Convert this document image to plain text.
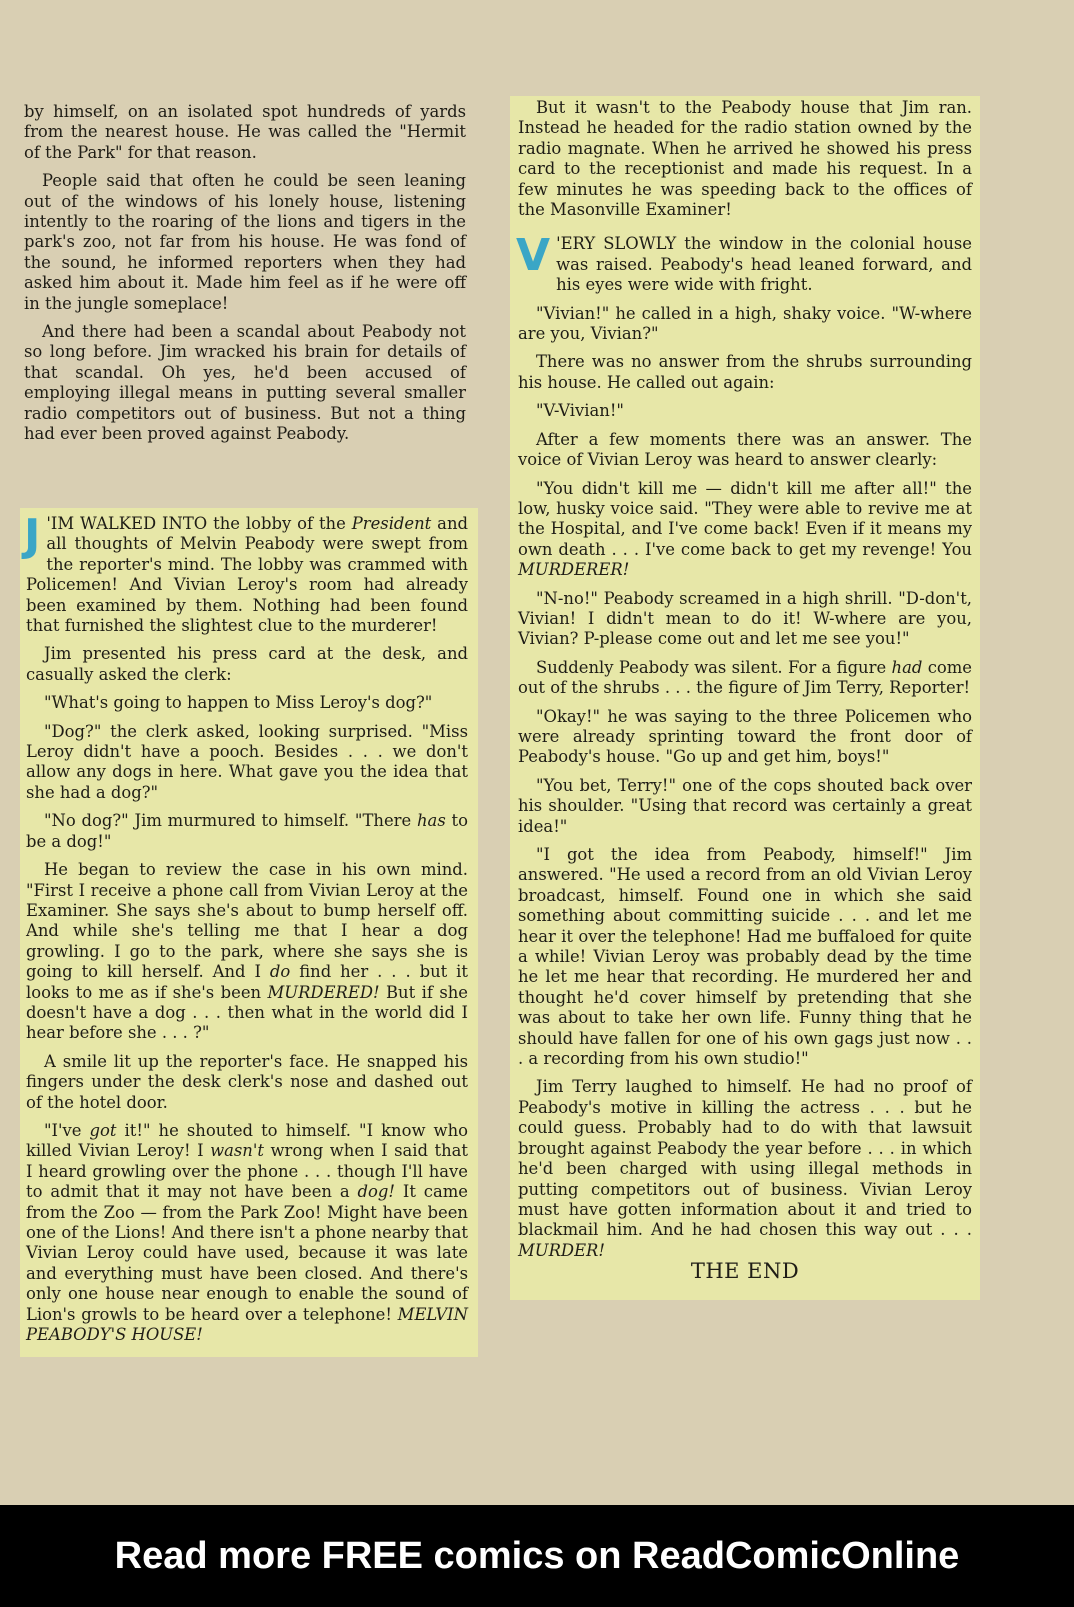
by himself, on an isolated spot hundreds of yards from the nearest house. He was called the "Hermit of the Park" for that reason.

People said that often he could be seen leaning out of the windows of his lonely house, listening intently to the roaring of the lions and tigers in the park's zoo, not far from his house. He was fond of the sound, he informed reporters when they had asked him about it. Made him feel as if he were off in the jungle someplace!

And there had been a scandal about Peabody not so long before. Jim wracked his brain for details of that scandal. Oh yes, he'd been accused of employing illegal means in putting several smaller radio competitors out of business. But not a thing had ever been proved against Peabody.

J 'IM WALKED INTO the lobby of the President and all thoughts of Melvin Peabody were swept from the reporter's mind. The lobby was crammed with Policemen! And Vivian Leroy's room had already been examined by them. Nothing had been found that furnished the slightest clue to the murderer!

Jim presented his press card at the desk, and casually asked the clerk:

"What's going to happen to Miss Leroy's dog?"

"Dog?" the clerk asked, looking surprised. "Miss Leroy didn't have a pooch. Besides . . . we don't allow any dogs in here. What gave you the idea that she had a dog?"

"No dog?" Jim murmured to himself. "There has to be a dog!"

He began to review the case in his own mind. "First I receive a phone call from Vivian Leroy at the Examiner. She says she's about to bump herself off. And while she's telling me that I hear a dog growling. I go to the park, where she says she is going to kill herself. And I do find her . . . but it looks to me as if she's been MURDERED! But if she doesn't have a dog . . . then what in the world did I hear before she . . . ?"

A smile lit up the reporter's face. He snapped his fingers under the desk clerk's nose and dashed out of the hotel door.

"I've got it!" he shouted to himself. "I know who killed Vivian Leroy! I wasn't wrong when I said that I heard growling over the phone . . . though I'll have to admit that it may not have been a dog! It came from the Zoo — from the Park Zoo! Might have been one of the Lions! And there isn't a phone nearby that Vivian Leroy could have used, because it was late and everything must have been closed. And there's only one house near enough to enable the sound of Lion's growls to be heard over a telephone! MELVIN PEABODY'S HOUSE!

But it wasn't to the Peabody house that Jim ran. Instead he headed for the radio station owned by the radio magnate. When he arrived he showed his press card to the receptionist and made his request. In a few minutes he was speeding back to the offices of the Masonville Examiner!

V 'ERY SLOWLY the window in the colonial house was raised. Peabody's head leaned forward, and his eyes were wide with fright.

"Vivian!" he called in a high, shaky voice. "W-where are you, Vivian?"

There was no answer from the shrubs surrounding his house. He called out again:

"V-Vivian!"

After a few moments there was an answer. The voice of Vivian Leroy was heard to answer clearly:

"You didn't kill me — didn't kill me after all!" the low, husky voice said. "They were able to revive me at the Hospital, and I've come back! Even if it means my own death . . . I've come back to get my revenge! You MURDERER!

"N-no!" Peabody screamed in a high shrill. "D-don't, Vivian! I didn't mean to do it! W-where are you, Vivian? P-please come out and let me see you!"

Suddenly Peabody was silent. For a figure had come out of the shrubs . . . the figure of Jim Terry, Reporter!

"Okay!" he was saying to the three Policemen who were already sprinting toward the front door of Peabody's house. "Go up and get him, boys!"

"You bet, Terry!" one of the cops shouted back over his shoulder. "Using that record was certainly a great idea!"

"I got the idea from Peabody, himself!" Jim answered. "He used a record from an old Vivian Leroy broadcast, himself. Found one in which she said something about committing suicide . . . and let me hear it over the telephone! Had me buffaloed for quite a while! Vivian Leroy was probably dead by the time he let me hear that recording. He murdered her and thought he'd cover himself by pretending that she was about to take her own life. Funny thing that he should have fallen for one of his own gags just now . . . a recording from his own studio!"

Jim Terry laughed to himself. He had no proof of Peabody's motive in killing the actress . . . but he could guess. Probably had to do with that lawsuit brought against Peabody the year before . . . in which he'd been charged with using illegal methods in putting competitors out of business. Vivian Leroy must have gotten information about it and tried to blackmail him. And he had chosen this way out . . . MURDER!

THE END

Read more FREE comics on ReadComicOnline
